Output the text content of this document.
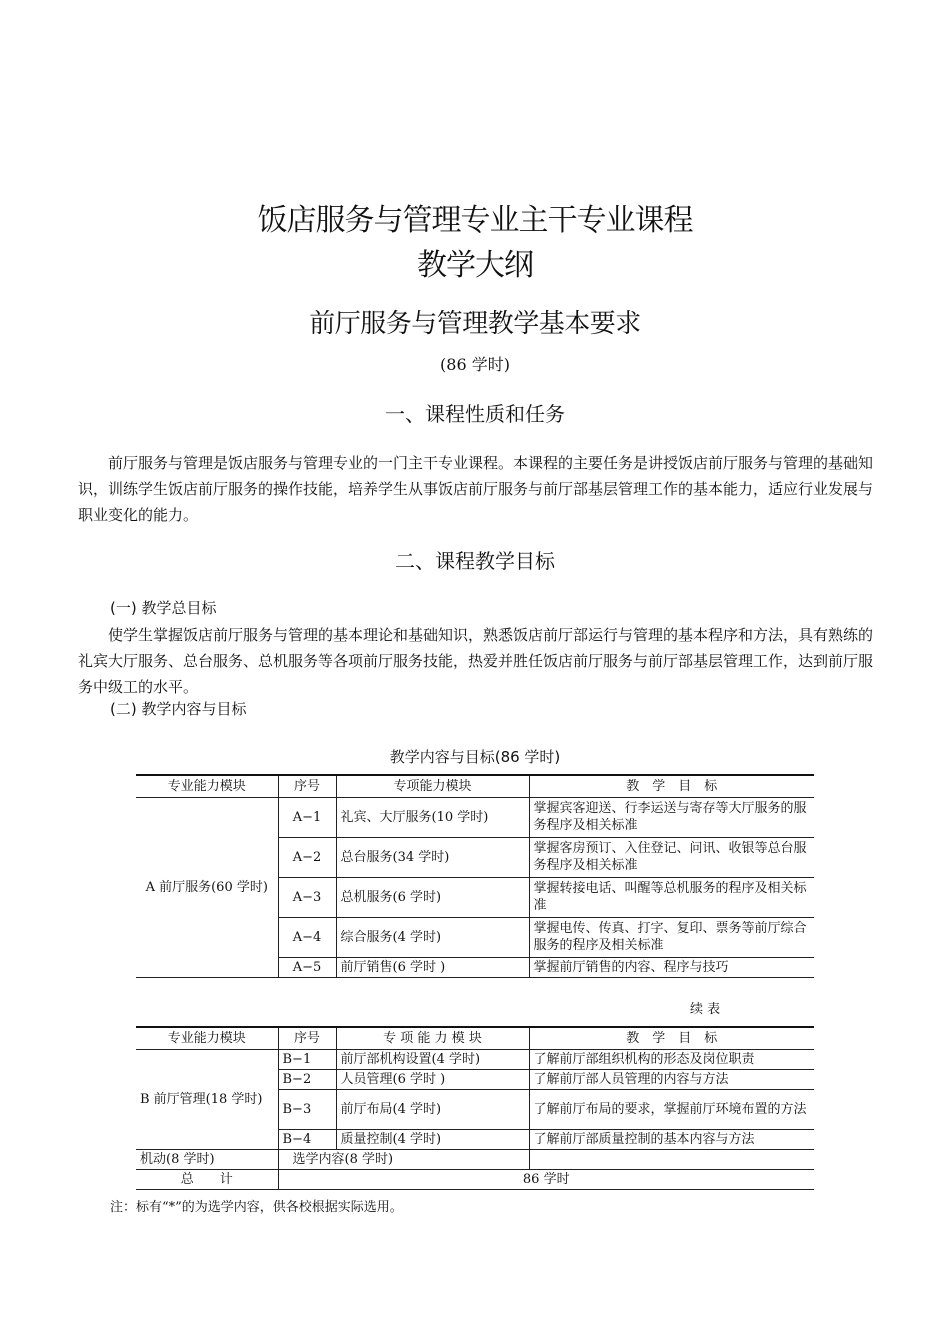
饭店服务与管理专业主干专业课程
教学大纲
前厅服务与管理教学基本要求
(86 学时)
一、课程性质和任务
前厅服务与管理是饭店服务与管理专业的一门主干专业课程。本课程的主要任务是讲授饭店前厅服务与管理的基础知识，训练学生饭店前厅服务的操作技能，培养学生从事饭店前厅服务与前厅部基层管理工作的基本能力，适应行业发展与职业变化的能力。
二、课程教学目标
(一) 教学总目标
使学生掌握饭店前厅服务与管理的基本理论和基础知识，熟悉饭店前厅部运行与管理的基本程序和方法，具有熟练的礼宾大厅服务、总台服务、总机服务等各项前厅服务技能，热爱并胜任饭店前厅服务与前厅部基层管理工作，达到前厅服务中级工的水平。
(二) 教学内容与目标
教学内容与目标(86 学时)
专业能力模块	序号	专项能力模块	教　学　目　标
A 前厅服务(60 学时)	A−1	礼宾、大厅服务(10 学时)	掌握宾客迎送、行李运送与寄存等大厅服务的服务程序及相关标准
	A−2	总台服务(34 学时)	掌握客房预订、入住登记、问讯、收银等总台服务程序及相关标准
	A−3	总机服务(6 学时)	掌握转接电话、叫醒等总机服务的程序及相关标准
	A−4	综合服务(4 学时)	掌握电传、传真、打字、复印、票务等前厅综合服务的程序及相关标准
	A−5	前厅销售(6 学时 )	掌握前厅销售的内容、程序与技巧
续 表
专业能力模块	序号	专 项 能 力 模 块	教　学　目　标
B 前厅管理(18 学时)	B−1	前厅部机构设置(4 学时)	了解前厅部组织机构的形态及岗位职责
	B−2	人员管理(6 学时 )	了解前厅部人员管理的内容与方法
	B−3	前厅布局(4 学时)	了解前厅布局的要求，掌握前厅环境布置的方法
	B−4	质量控制(4 学时)	了解前厅部质量控制的基本内容与方法
机动(8 学时)	选学内容(8 学时)		
总　　计	86 学时		
注：标有“*”的为选学内容，供各校根据实际选用。
